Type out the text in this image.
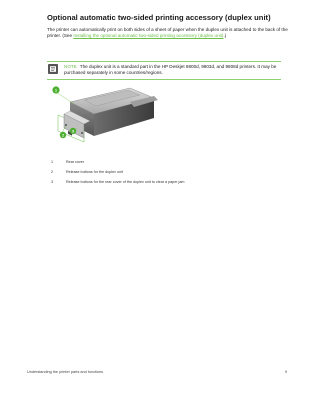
Optional automatic two-sided printing accessory (duplex unit)
The printer can automatically print on both sides of a sheet of paper when the duplex unit is attached to the back of the printer. (See Installing the optional automatic two-sided printing accessory (duplex unit).)
NOTE The duplex unit is a standard part in the HP Deskjet 9800d, 9803d, and 9808d printers. It may be purchased separately in some countries/regions.
1
2
3
1	Rear cover
2	Release buttons for the duplex unit
3	Release buttons for the rear cover of the duplex unit to clear a paper jam
Understanding the printer parts and functions	9
